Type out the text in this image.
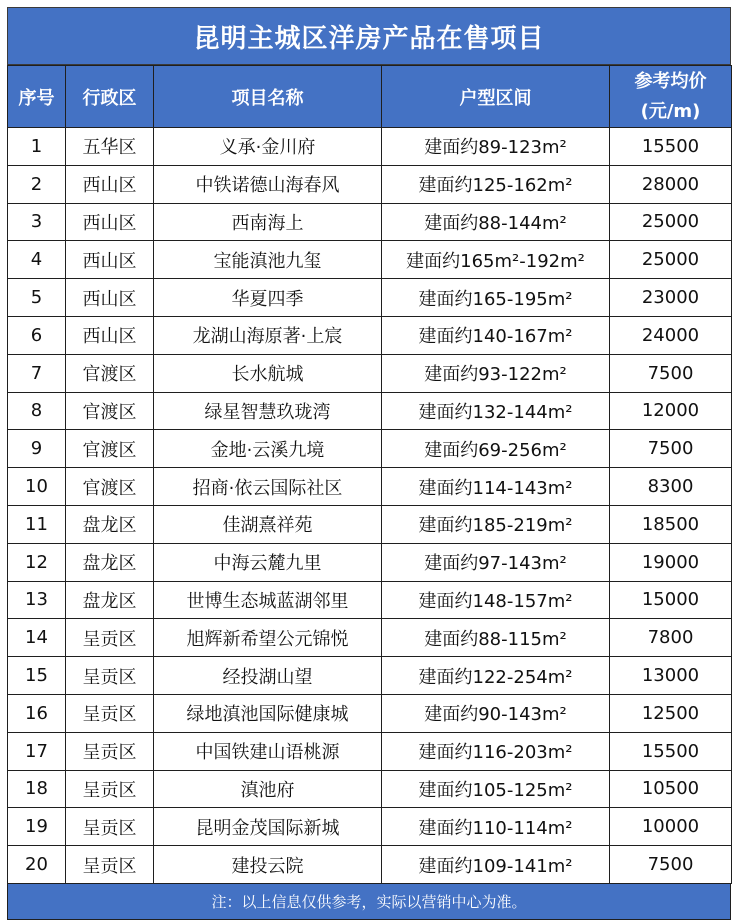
昆明主城区洋房产品在售项目
序号	行政区	项目名称	户型区间	参考均价
(元/m)

1	五华区	义承·金川府	建面约89-123m²	15500
2	西山区	中铁诺德山海春风	建面约125-162m²	28000
3	西山区	西南海上	建面约88-144m²	25000
4	西山区	宝能滇池九玺	建面约165m²-192m²	25000
5	西山区	华夏四季	建面约165-195m²	23000
6	西山区	龙湖山海原著·上宸	建面约140-167m²	24000
7	官渡区	长水航城	建面约93-122m²	7500
8	官渡区	绿星智慧玖珑湾	建面约132-144m²	12000
9	官渡区	金地·云溪九境	建面约69-256m²	7500
10	官渡区	招商·依云国际社区	建面约114-143m²	8300
11	盘龙区	佳湖熹祥苑	建面约185-219m²	18500
12	盘龙区	中海云麓九里	建面约97-143m²	19000
13	盘龙区	世博生态城蓝湖邻里	建面约148-157m²	15000
14	呈贡区	旭辉新希望公元锦悦	建面约88-115m²	7800
15	呈贡区	经投湖山望	建面约122-254m²	13000
16	呈贡区	绿地滇池国际健康城	建面约90-143m²	12500
17	呈贡区	中国铁建山语桃源	建面约116-203m²	15500
18	呈贡区	滇池府	建面约105-125m²	10500
19	呈贡区	昆明金茂国际新城	建面约110-114m²	10000
20	呈贡区	建投云院	建面约109-141m²	7500
注：以上信息仅供参考，实际以营销中心为准。
